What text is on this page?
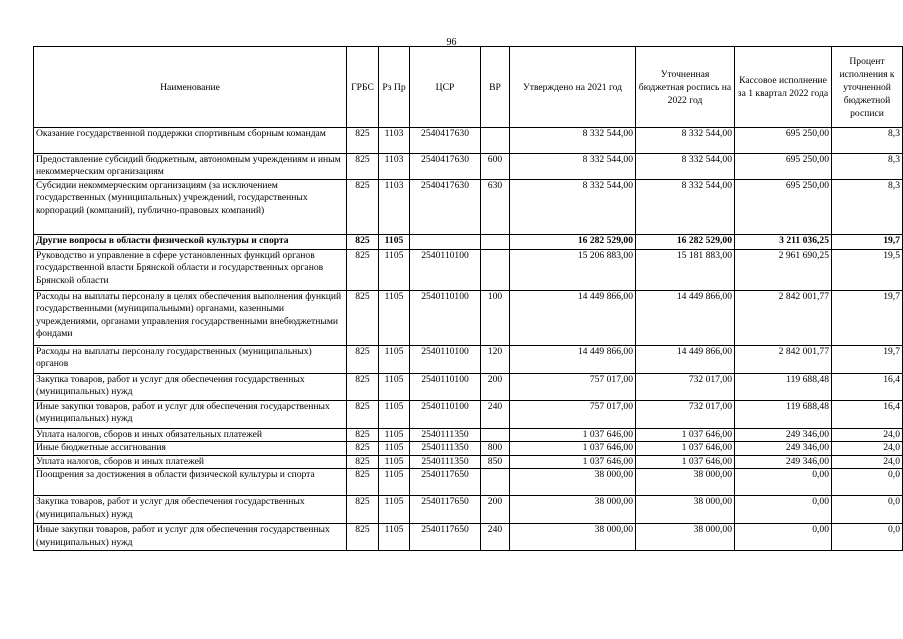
96
Наименование	ГРБС	Рз Пр	ЦСР	ВР	Утверждено на 2021 год	Уточненная бюджетная роспись на 2022 год	Кассовое исполнение за 1 квартал 2022 года	Процент исполнения к уточненной бюджетной росписи
Оказание государственной поддержки спортивным сборным командам	825	1103	2540417630		8 332 544,00	8 332 544,00	695 250,00	8,3
Предоставление субсидий бюджетным, автономным учреждениям и иным некоммерческим организациям	825	1103	2540417630	600	8 332 544,00	8 332 544,00	695 250,00	8,3
Субсидии некоммерческим организациям (за исключением государственных (муниципальных) учреждений, государственных корпораций (компаний), публично-правовых компаний)	825	1103	2540417630	630	8 332 544,00	8 332 544,00	695 250,00	8,3
Другие вопросы в области физической культуры и спорта	825	1105			16 282 529,00	16 282 529,00	3 211 036,25	19,7
Руководство и управление в сфере установленных функций органов государственной власти Брянской области и государственных органов Брянской области	825	1105	2540110100		15 206 883,00	15 181 883,00	2 961 690,25	19,5
Расходы на выплаты персоналу в целях обеспечения выполнения функций государственными (муниципальными) органами, казенными учреждениями, органами управления государственными внебюджетными фондами	825	1105	2540110100	100	14 449 866,00	14 449 866,00	2 842 001,77	19,7
Расходы на выплаты персоналу государственных (муниципальных) органов	825	1105	2540110100	120	14 449 866,00	14 449 866,00	2 842 001,77	19,7
Закупка товаров, работ и услуг для обеспечения государственных (муниципальных) нужд	825	1105	2540110100	200	757 017,00	732 017,00	119 688,48	16,4
Иные закупки товаров, работ и услуг для обеспечения государственных (муниципальных) нужд	825	1105	2540110100	240	757 017,00	732 017,00	119 688,48	16,4
Уплата налогов, сборов и иных обязательных платежей	825	1105	2540111350		1 037 646,00	1 037 646,00	249 346,00	24,0
Иные бюджетные ассигнования	825	1105	2540111350	800	1 037 646,00	1 037 646,00	249 346,00	24,0
Уплата налогов, сборов и иных платежей	825	1105	2540111350	850	1 037 646,00	1 037 646,00	249 346,00	24,0
Поощрения за достижения в области физической культуры и спорта	825	1105	2540117650		38 000,00	38 000,00	0,00	0,0
Закупка товаров, работ и услуг для обеспечения государственных (муниципальных) нужд	825	1105	2540117650	200	38 000,00	38 000,00	0,00	0,0
Иные закупки товаров, работ и услуг для обеспечения государственных (муниципальных) нужд	825	1105	2540117650	240	38 000,00	38 000,00	0,00	0,0
